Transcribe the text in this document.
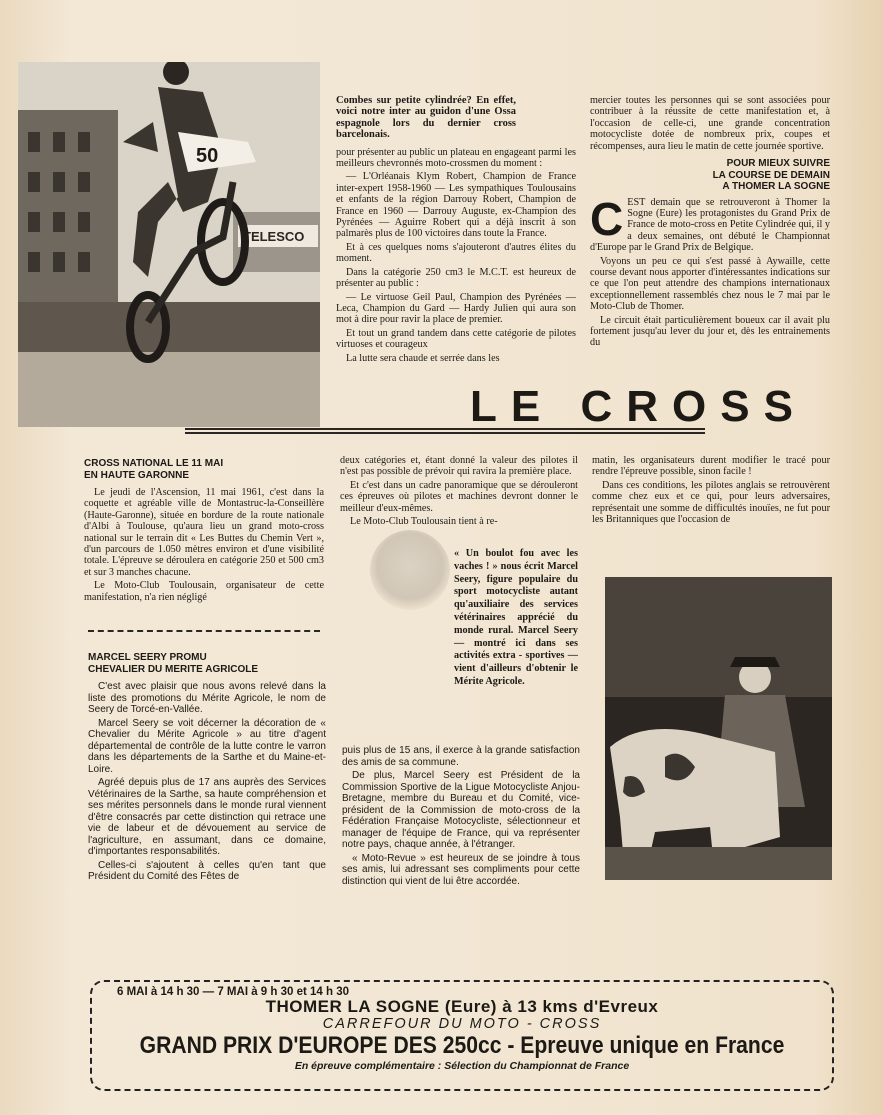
TELESCO
50

Combes sur petite cylindrée? En effet, voici notre inter au guidon d'une Ossa espagnole lors du dernier cross barcelonais.

pour présenter au public un plateau en engageant parmi les meilleurs chevronnés moto-crossmen du moment :

— L'Orléanais Klym Robert, Champion de France inter-expert 1958-1960 — Les sympathiques Toulousains et enfants de la région Darrouy Robert, Champion de France en 1960 — Darrouy Auguste, ex-Champion des Pyrénées — Aguirre Robert qui a déjà inscrit à son palmarès plus de 100 victoires dans toute la France.

Et à ces quelques noms s'ajouteront d'autres élites du moment.

Dans la catégorie 250 cm3 le M.C.T. est heureux de présenter au public :

— Le virtuose Geil Paul, Champion des Pyrénées — Leca, Champion du Gard — Hardy Julien qui aura son mot à dire pour ravir la place de premier.

Et tout un grand tandem dans cette catégorie de pilotes virtuoses et courageux

La lutte sera chaude et serrée dans les

mercier toutes les personnes qui se sont associées pour contribuer à la réussite de cette manifestation et, à l'occasion de celle-ci, une grande concentration motocycliste dotée de nombreux prix, coupes et récompenses, aura lieu le matin de cette journée sportive.

POUR MIEUX SUIVRE
LA COURSE DE DEMAIN
A THOMER LA SOGNE

CEST demain que se retrouveront à Thomer la Sogne (Eure) les protagonistes du Grand Prix de France de moto-cross en Petite Cylindrée qui, il y a deux semaines, ont débuté le Championnat d'Europe par le Grand Prix de Belgique.

Voyons un peu ce qui s'est passé à Aywaille, cette course devant nous apporter d'intéressantes indications sur ce que l'on peut attendre des champions internationaux exceptionnellement rassemblés chez nous le 7 mai par le Moto-Club de Thomer.

Le circuit était particulièrement boueux car il avait plu fortement jusqu'au lever du jour et, dès les entrainements du

LE CROSS
CROSS NATIONAL LE 11 MAI
EN HAUTE GARONNE

Le jeudi de l'Ascension, 11 mai 1961, c'est dans la coquette et agréable ville de Montastruc-la-Conseillère (Haute-Garonne), située en bordure de la route nationale d'Albi à Toulouse, qu'aura lieu un grand moto-cross national sur le terrain dit « Les Buttes du Chemin Vert », d'un parcours de 1.050 mètres environ et d'une visibilité totale. L'épreuve se déroulera en catégorie 250 et 500 cm3 et sur 3 manches chacune.

Le Moto-Club Toulousain, organisateur de cette manifestation, n'a rien négligé

deux catégories et, étant donné la valeur des pilotes il n'est pas possible de prévoir qui ravira la première place.

Et c'est dans un cadre panoramique que se dérouleront ces épreuves où pilotes et machines devront donner le meilleur d'eux-mêmes.

Le Moto-Club Toulousain tient à re-

« Un boulot fou avec les vaches ! » nous écrit Marcel Seery, figure populaire du sport motocycliste autant qu'auxiliaire des services vétérinaires apprécié du monde rural. Marcel Seery — montré ici dans ses activités extra - sportives — vient d'ailleurs d'obtenir le Mérite Agricole.

matin, les organisateurs durent modifier le tracé pour rendre l'épreuve possible, sinon facile !

Dans ces conditions, les pilotes anglais se retrouvèrent comme chez eux et ce qui, pour leurs adversaires, représentait une somme de difficultés inouïes, ne fut pour les Britanniques que l'occasion de

MARCEL SEERY PROMU
CHEVALIER DU MERITE AGRICOLE

C'est avec plaisir que nous avons relevé dans la liste des promotions du Mérite Agricole, le nom de Seery de Torcé-en-Vallée.

Marcel Seery se voit décerner la décoration de « Chevalier du Mérite Agricole » au titre d'agent départemental de contrôle de la lutte contre le varron dans les départements de la Sarthe et du Maine-et-Loire.

Agréé depuis plus de 17 ans auprès des Services Vétérinaires de la Sarthe, sa haute compréhension et ses mérites personnels dans le monde rural viennent d'être consacrés par cette distinction qui retrace une vie de labeur et de dévouement au service de l'agriculture, en assumant, dans ce domaine, d'importantes responsabilités.

Celles-ci s'ajoutent à celles qu'en tant que Président du Comité des Fêtes de

puis plus de 15 ans, il exerce à la grande satisfaction des amis de sa commune.

De plus, Marcel Seery est Président de la Commission Sportive de la Ligue Motocycliste Anjou-Bretagne, membre du Bureau et du Comité, vice-président de la Commission de moto-cross de la Fédération Française Motocycliste, sélectionneur et manager de l'équipe de France, qui va représenter notre pays, chaque année, à l'étranger.

« Moto-Revue » est heureux de se joindre à tous ses amis, lui adressant ses compliments pour cette distinction qui vient de lui être accordée.

6 MAI à 14 h 30 — 7 MAI à 9 h 30 et 14 h 30
THOMER LA SOGNE (Eure) à 13 kms d'Evreux
CARREFOUR DU MOTO - CROSS
GRAND PRIX D'EUROPE DES 250cc - Epreuve unique en France
En épreuve complémentaire : Sélection du Championnat de France
